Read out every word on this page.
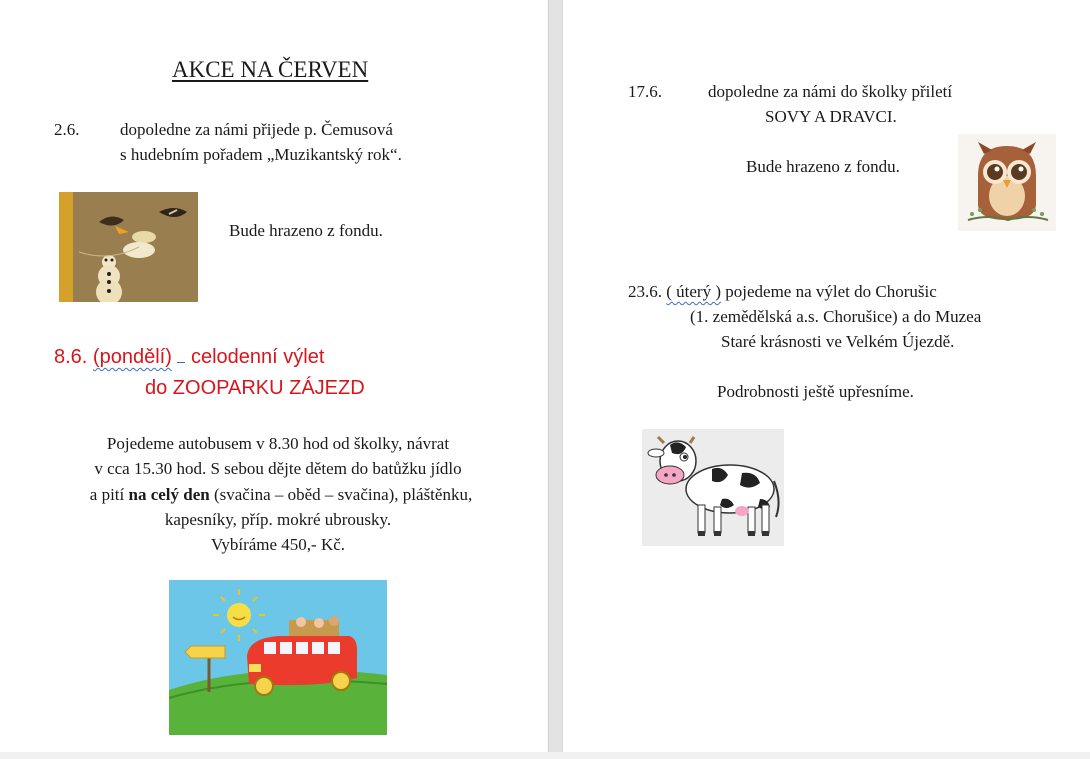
AKCE NA ČERVEN
2.6. dopoledne za námi přijede p. Čemusová
s hudebním pořadem „Muzikantský rok“.
Bude hrazeno z fondu.
8.6. (pondělí) celodenní výlet
do ZOOPARKU ZÁJEZD
Pojedeme autobusem v 8.30 hod od školky, návrat
v cca 15.30 hod. S sebou dějte dětem do batůžku jídlo
a pití na celý den (svačina – oběd – svačina), pláštěnku,
kapesníky, příp. mokré ubrousky.
Vybíráme 450,- Kč.
17.6.	dopoledne za námi do školky přiletí
SOVY A DRAVCI.
Bude hrazeno z fondu.
23.6. ( úterý ) pojedeme na výlet do Chorušic
(1. zemědělská a.s. Chorušice) a do Muzea
Staré krásnosti ve Velkém Újezdě.
Podrobnosti ještě upřesníme.
